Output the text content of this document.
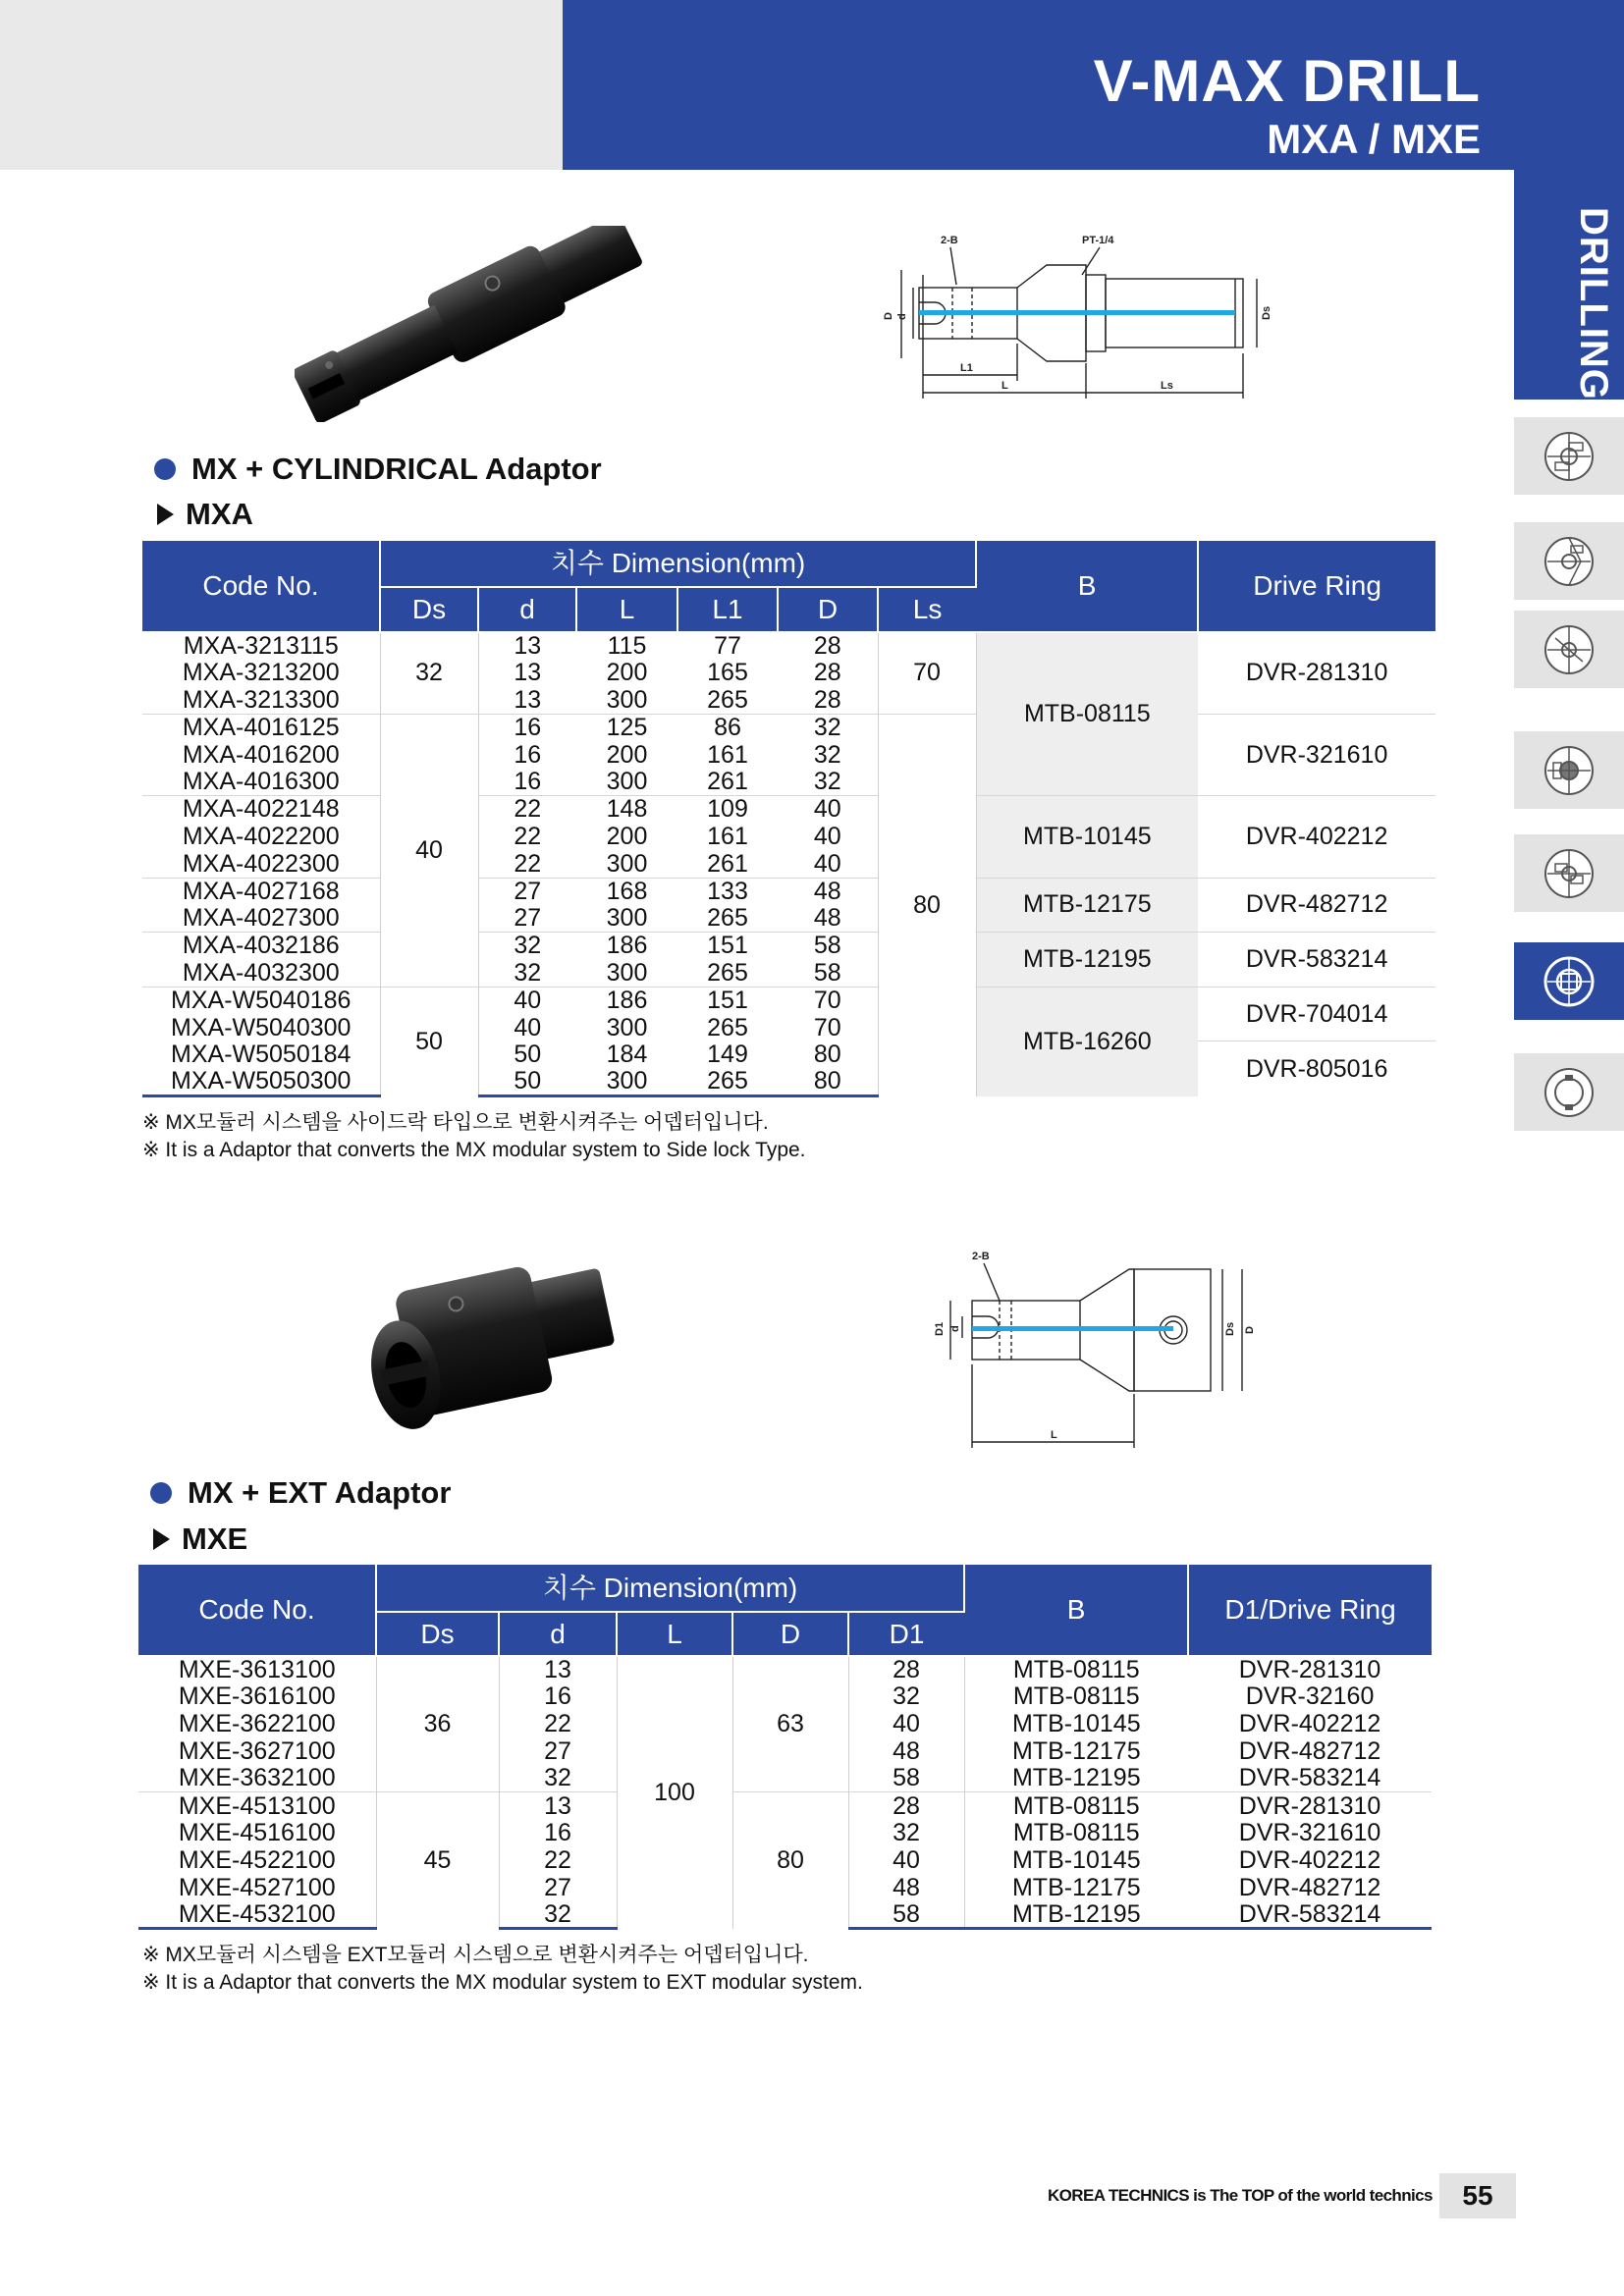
V-MAX DRILL
MXA / MXE
DRILLING
d
D
L1
L	Ls
Ds
2-B	PT-1/4
MX + CYLINDRICAL Adaptor
MXA
Code No.	치수 Dimension(mm)						B	Drive Ring
	Ds	d	L	L1	D	Ls		
MXA-3213115	32	13	115	77	28	70	MTB-08115	DVR-281310
MXA-3213200		13	200	165	28			
MXA-3213300		13	300	265	28			
MXA-4016125	40	16	125	86	32	80		DVR-321610
MXA-4016200		16	200	161	32			
MXA-4016300		16	300	261	32			
MXA-4022148		22	148	109	40		MTB-10145	DVR-402212
MXA-4022200		22	200	161	40			
MXA-4022300		22	300	261	40			
MXA-4027168		27	168	133	48		MTB-12175	DVR-482712
MXA-4027300		27	300	265	48			
MXA-4032186		32	186	151	58		MTB-12195	DVR-583214
MXA-4032300		32	300	265	58			
MXA-W5040186	50	40	186	151	70		MTB-16260	DVR-704014
MXA-W5040300		40	300	265	70			
MXA-W5050184		50	184	149	80			DVR-805016
MXA-W5050300		50	300	265	80			
※ MX모듈러 시스템을 사이드락 타입으로 변환시켜주는 어뎁터입니다.
※ It is a Adaptor that converts the MX modular system to Side lock Type.
D1 d
L
Ds D
2-B
MX + EXT Adaptor
MXE
Code No.	치수 Dimension(mm)					B	D1/Drive Ring
	Ds	d	L	D	D1		
MXE-3613100	36	13	100	63	28	MTB-08115	DVR-281310
MXE-3616100		16			32	MTB-08115	DVR-32160
MXE-3622100		22			40	MTB-10145	DVR-402212
MXE-3627100		27			48	MTB-12175	DVR-482712
MXE-3632100		32			58	MTB-12195	DVR-583214
MXE-4513100	45	13		80	28	MTB-08115	DVR-281310
MXE-4516100		16			32	MTB-08115	DVR-321610
MXE-4522100		22			40	MTB-10145	DVR-402212
MXE-4527100		27			48	MTB-12175	DVR-482712
MXE-4532100		32			58	MTB-12195	DVR-583214
※ MX모듈러 시스템을 EXT모듈러 시스템으로 변환시켜주는 어뎁터입니다.
※ It is a Adaptor that converts the MX modular system to EXT modular system.
KOREA TECHNICS is The TOP of the world technics	55
